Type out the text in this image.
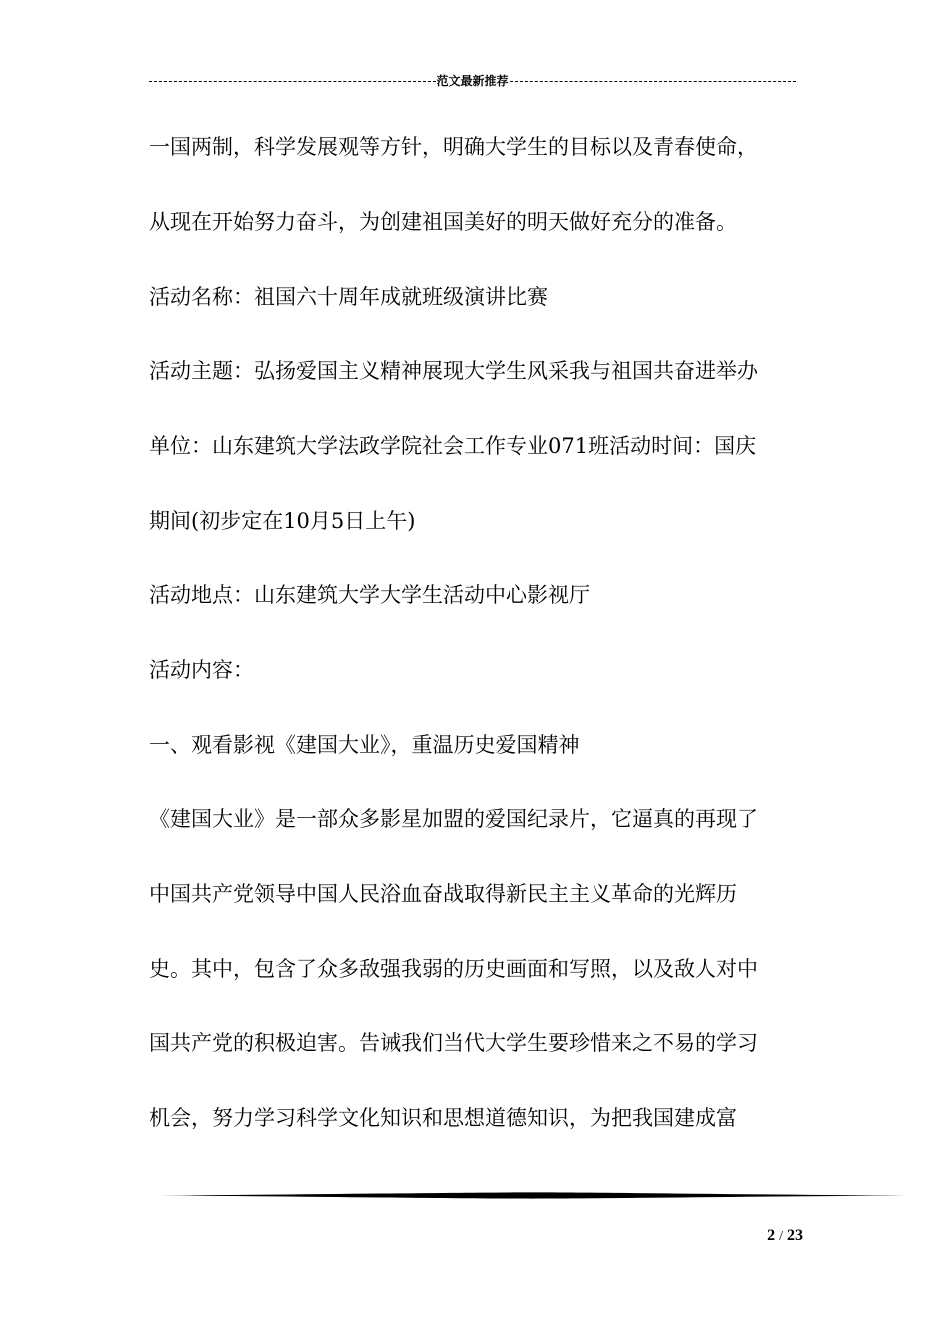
范文最新推荐
一国两制，科学发展观等方针，明确大学生的目标以及青春使命，
从现在开始努力奋斗，为创建祖国美好的明天做好充分的准备。
活动名称：祖国六十周年成就班级演讲比赛
活动主题：弘扬爱国主义精神展现大学生风采我与祖国共奋进举办
单位：山东建筑大学法政学院社会工作专业071班活动时间：国庆
期间(初步定在10月5日上午)
活动地点：山东建筑大学大学生活动中心影视厅
活动内容：
一、观看影视《建国大业》，重温历史爱国精神
《建国大业》是一部众多影星加盟的爱国纪录片，它逼真的再现了
中国共产党领导中国人民浴血奋战取得新民主主义革命的光辉历
史。其中，包含了众多敌强我弱的历史画面和写照，以及敌人对中
国共产党的积极迫害。告诫我们当代大学生要珍惜来之不易的学习
机会，努力学习科学文化知识和思想道德知识，为把我国建成富
2 / 23
